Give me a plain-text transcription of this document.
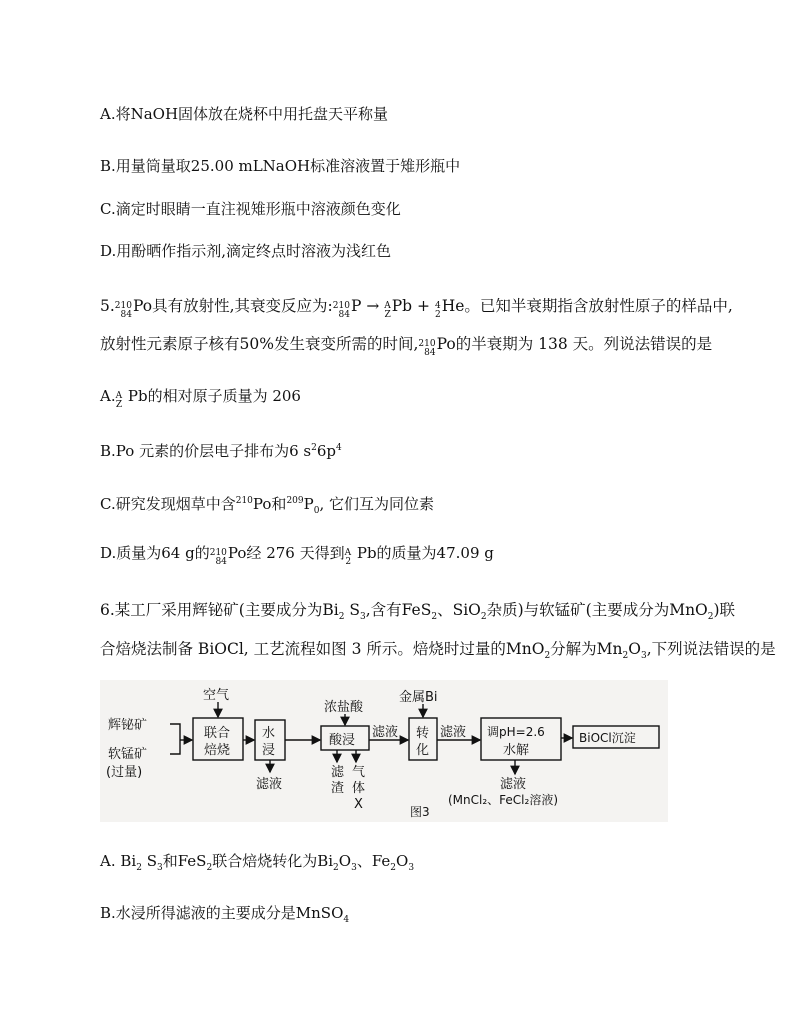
A.将NaOH固体放在烧杯中用托盘天平称量
B.用量筒量取25.00 mLNaOH标准溶液置于雉形瓶中
C.滴定时眼睛一直注视雉形瓶中溶液颜色变化
D.用酚晒作指示剂,滴定终点时溶液为浅红色
5. 210
84 Po具有放射性,其衰变反应为: 210
84 P → A
Z Pb + 4
2 He。已知半衰期指含放射性原子的样品中,
放射性元素原子核有50%发生衰变所需的时间, 210
84 Po的半衰期为 138 天。列说法错误的是
A. A
Z Pb的相对原子质量为 206
B.Po 元素的价层电子排布为6 $s^26p^4$
C.研究发现烟草中含$^{210}$Po和$^{209}P_0$, 它们互为同位素
D.质量为64 g的 210
84 Po经 276 天得到 A
2 Pb的质量为47.09 g
6.某工厂采用辉铋矿(主要成分为$Bi_2$ $S_3$,含有FeS$_2$、SiO$_2$杂质)与软锰矿(主要成分为MnO$_2$)联
合焙烧法制备 BiOCl, 工艺流程如图 3 所示。焙烧时过量的MnO$_2$分解为$Mn_2O_3$,下列说法错误的是
辉铋矿
软锰矿
(过量)
空气
联合
焙烧
水
浸
滤液
浓盐酸
酸浸
滤
渣
气
体
X
滤液
金属Bi
转
化
滤液 调pH=2.6
水解
BiOCl沉淀
滤液
(MnCl₂、FeCl₂溶液)
图3
A. $Bi_2$ $S_3$和FeS$_2$联合焙烧转化为$Bi_2O_3$、$Fe_2O_3$
B.水浸所得滤液的主要成分是MnSO$_4$
